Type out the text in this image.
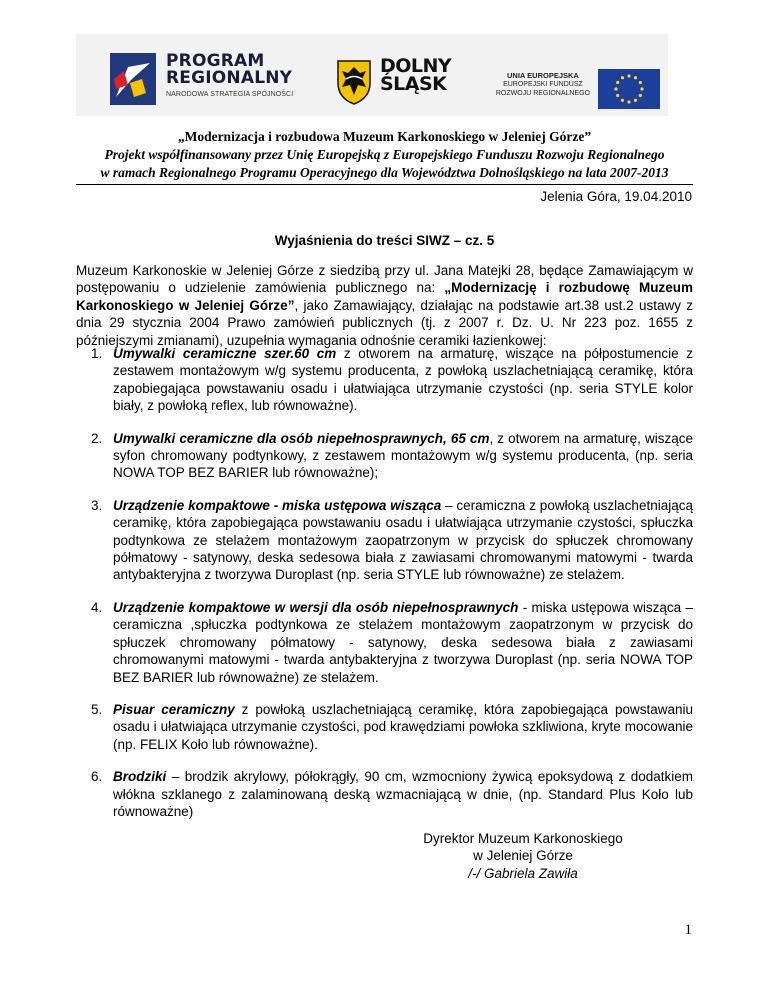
PROGRAM
REGIONALNY
NARODOWA STRATEGIA SPÓJNOŚCI
DOLNY
ŚLĄSK	UNIA EUROPEJSKA
EUROPEJSKI FUNDUSZ
ROZWOJU REGIONALNEGO
„Modernizacja i rozbudowa Muzeum Karkonoskiego w Jeleniej Górze”
Projekt współfinansowany przez Unię Europejską z Europejskiego Funduszu Rozwoju Regionalnego
w ramach Regionalnego Programu Operacyjnego dla Województwa Dolnośląskiego na lata 2007-2013
Jelenia Góra, 19.04.2010
Wyjaśnienia do treści SIWZ – cz. 5
Muzeum Karkonoskie w Jeleniej Górze z siedzibą przy ul. Jana Matejki 28, będące Zamawiającym w postępowaniu o udzielenie zamówienia publicznego na: „Modernizację i rozbudowę Muzeum Karkonoskiego w Jeleniej Górze”, jako Zamawiający, działając na podstawie art.38 ust.2 ustawy z dnia 29 stycznia 2004 Prawo zamówień publicznych (tj. z 2007 r. Dz. U. Nr 223 poz. 1655 z późniejszymi zmianami), uzupełnia wymagania odnośnie ceramiki łazienkowej:
1. Umywalki ceramiczne szer.60 cm z otworem na armaturę, wiszące na półpostumencie z zestawem montażowym w/g systemu producenta, z powłoką uszlachetniającą ceramikę, która zapobiegająca powstawaniu osadu i ułatwiająca utrzymanie czystości (np. seria STYLE kolor biały, z powłoką reflex, lub równoważne).
2. Umywalki ceramiczne dla osób niepełnosprawnych, 65 cm, z otworem na armaturę, wiszące syfon chromowany podtynkowy, z zestawem montażowym w/g systemu producenta, (np. seria NOWA TOP BEZ BARIER lub równoważne);
3. Urządzenie kompaktowe - miska ustępowa wisząca – ceramiczna z powłoką uszlachetniającą ceramikę, która zapobiegająca powstawaniu osadu i ułatwiająca utrzymanie czystości, spłuczka podtynkowa ze stelażem montażowym zaopatrzonym w przycisk do spłuczek chromowany półmatowy - satynowy, deska sedesowa biała z zawiasami chromowanymi matowymi - twarda antybakteryjna z tworzywa Duroplast (np. seria STYLE lub równoważne) ze stelażem.
4. Urządzenie kompaktowe w wersji dla osób niepełnosprawnych - miska ustępowa wisząca – ceramiczna ,spłuczka podtynkowa ze stelażem montażowym zaopatrzonym w przycisk do spłuczek chromowany półmatowy - satynowy, deska sedesowa biała z zawiasami chromowanymi matowymi - twarda antybakteryjna z tworzywa Duroplast (np. seria NOWA TOP BEZ BARIER lub równoważne) ze stelażem.
5. Pisuar ceramiczny z powłoką uszlachetniającą ceramikę, która zapobiegająca powstawaniu osadu i ułatwiająca utrzymanie czystości, pod krawędziami powłoka szkliwiona, kryte mocowanie (np. FELIX Koło lub równoważne).
6. Brodziki – brodzik akrylowy, półokrągły, 90 cm, wzmocniony żywicą epoksydową z dodatkiem włókna szklanego z zalaminowaną deską wzmacniającą w dnie, (np. Standard Plus Koło lub równoważne)
Dyrektor Muzeum Karkonoskiego
w Jeleniej Górze
/-/ Gabriela Zawiła
1
